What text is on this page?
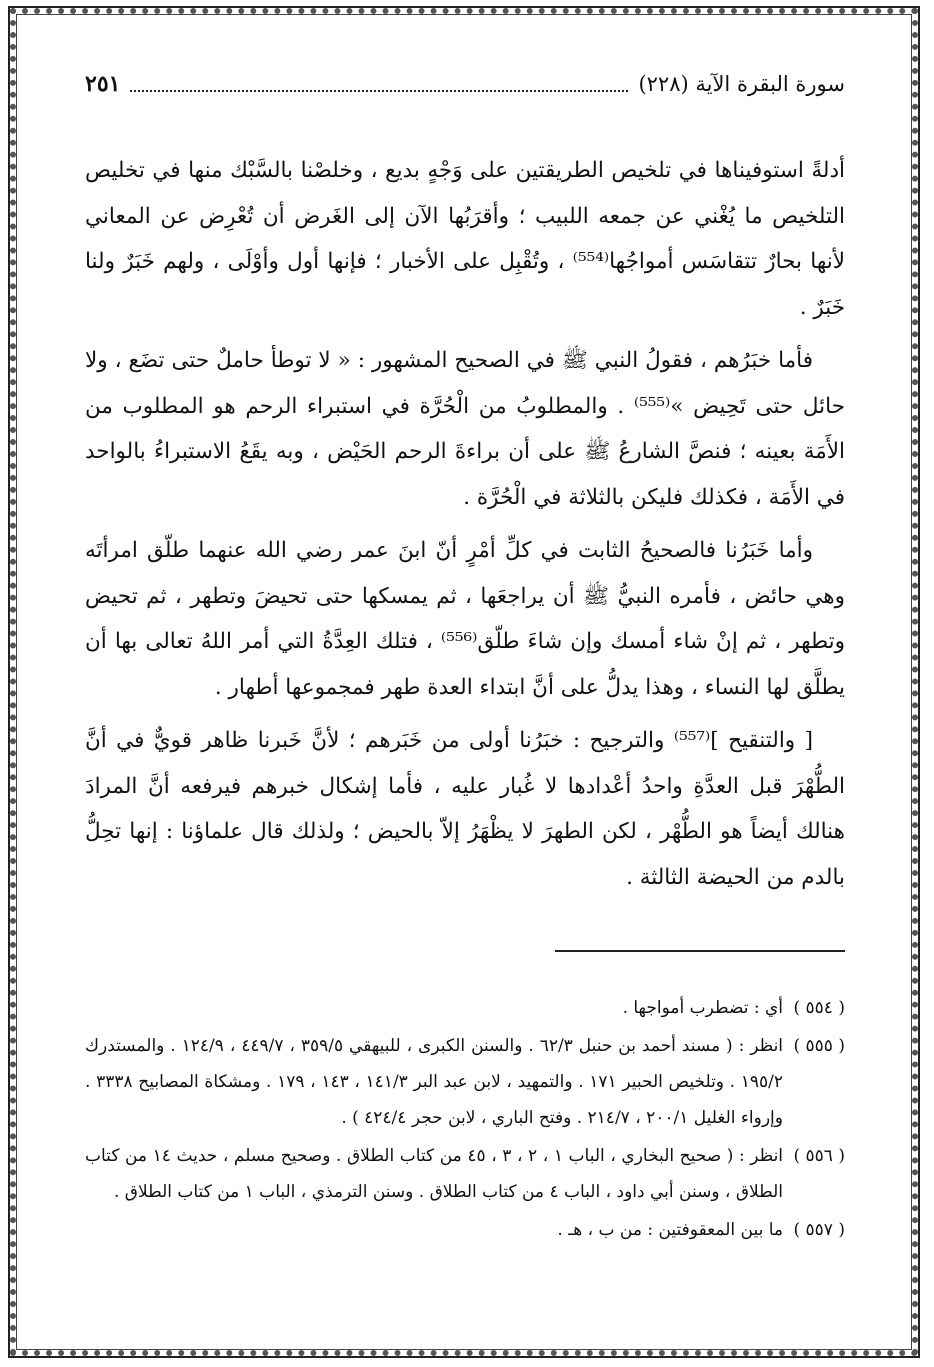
سورة البقرة الآية (٢٢٨)
٢٥١

أدلةً استوفيناها في تلخيص الطريقتين على وَجْهٍ بديع ، وخلصْنا بالسَّبْك منها في تخليص التلخيص ما يُغْني عن جمعه اللبيب ؛ وأقرَبُها الآن إلى الغَرض أن تُعْرِض عن المعاني لأنها بحارٌ تتقاسَس أمواجُها⁽⁵⁵⁴⁾ ، وتُقْبِل على الأخبار ؛ فإنها أول وأوْلَى ، ولهم خَبَرٌ ولنا خَبَرٌ .

فأما خبَرُهم ، فقولُ النبي ﷺ في الصحيح المشهور : « لا توطأ حاملٌ حتى تضَع ، ولا حائل حتى تَحِيض »⁽⁵⁵⁵⁾ . والمطلوبُ من الْحُرَّة في استبراء الرحم هو المطلوب من الأَمَة بعينه ؛ فنصَّ الشارعُ ﷺ على أن براءةَ الرحم الحَيْض ، وبه يقَعُ الاستبراءُ بالواحد في الأَمَة ، فكذلك فليكن بالثلاثة في الْحُرَّة .

وأما خَبَرُنا فالصحيحُ الثابت في كلِّ أمْرٍ أنّ ابنَ عمر رضي الله عنهما طلّق امرأتَه وهي حائض ، فأمره النبيُّ ﷺ أن يراجعَها ، ثم يمسكها حتى تحيضَ وتطهر ، ثم تحيض وتطهر ، ثم إنْ شاء أمسك وإن شاءَ طلّق⁽⁵⁵⁶⁾ ، فتلك العِدَّةُ التي أمر اللهُ تعالى بها أن يطلَّق لها النساء ، وهذا يدلُّ على أنَّ ابتداء العدة طهر فمجموعها أطهار .

[ والتنقيح ]⁽⁵⁵⁷⁾ والترجيح : خبَرُنا أولى من خَبَرهم ؛ لأنَّ خَبرنا ظاهر قويٌّ في أنَّ الطُّهْرَ قبل العدَّةِ واحدُ أعْدادها لا غُبار عليه ، فأما إشكال خبرهم فيرفعه أنَّ المرادَ هنالك أيضاً هو الطُّهْر ، لكن الطهرَ لا يظْهَرُ إلاّ بالحيض ؛ ولذلك قال علماؤنا : إنها تحِلُّ بالدم من الحيضة الثالثة .

( ٥٥٤ )
أي : تضطرب أمواجها .
( ٥٥٥ )
انظر : ( مسند أحمد بن حنبل ٦٢/٣ . والسنن الكبرى ، للبيهقي ٣٥٩/٥ ، ٤٤٩/٧ ، ١٢٤/٩ . والمستدرك ١٩٥/٢ . وتلخيص الحبير ١٧١ . والتمهيد ، لابن عبد البر ١٤١/٣ ، ١٤٣ ، ١٧٩ . ومشكاة المصابيح ٣٣٣٨ . وإرواء الغليل ٢٠٠/١ ، ٢١٤/٧ . وفتح الباري ، لابن حجر ٤٢٤/٤ ) .
( ٥٥٦ )
انظر : ( صحيح البخاري ، الباب ١ ، ٢ ، ٣ ، ٤٥ من كتاب الطلاق . وصحيح مسلم ، حديث ١٤ من كتاب الطلاق ، وسنن أبي داود ، الباب ٤ من كتاب الطلاق . وسنن الترمذي ، الباب ١ من كتاب الطلاق .
( ٥٥٧ )
ما بين المعقوفتين : من ب ، هـ .
